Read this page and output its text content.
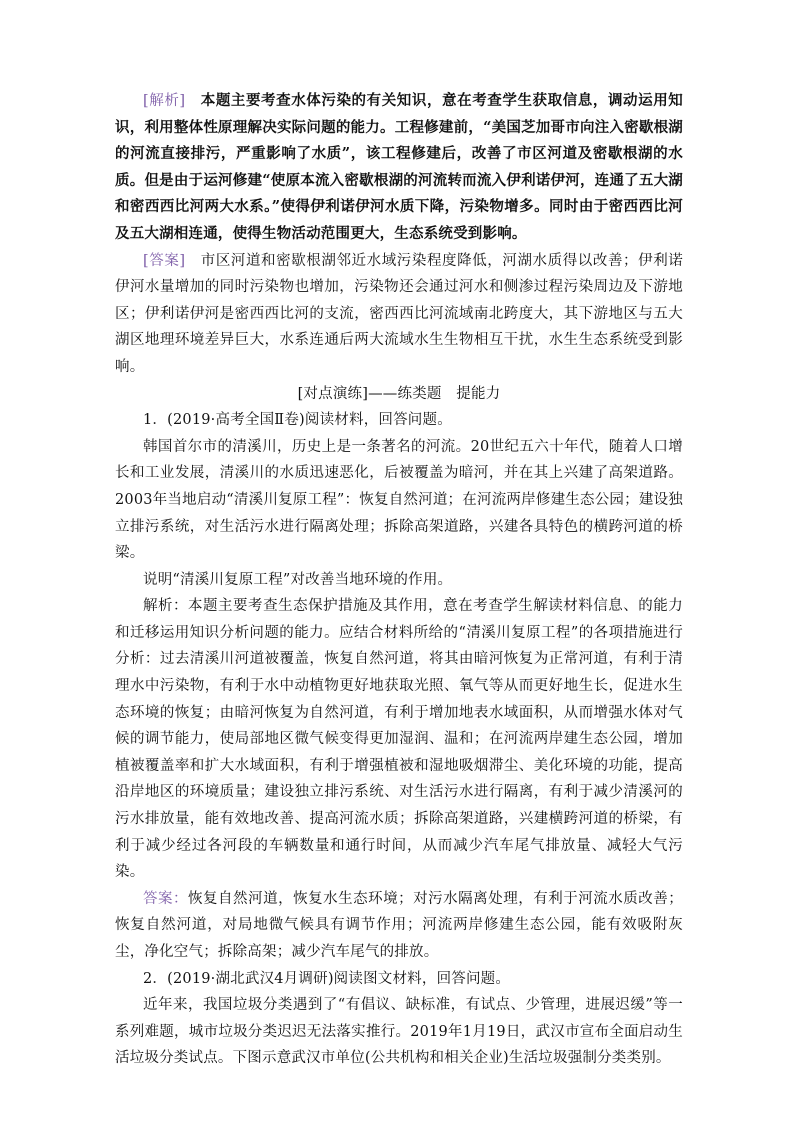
[解析]　本题主要考查水体污染的有关知识，意在考查学生获取信息，调动运用知识，利用整体性原理解决实际问题的能力。工程修建前，“美国芝加哥市向注入密歇根湖的河流直接排污，严重影响了水质”，该工程修建后，改善了市区河道及密歇根湖的水质。但是由于运河修建“使原本流入密歇根湖的河流转而流入伊利诺伊河，连通了五大湖和密西西比河两大水系。”使得伊利诺伊河水质下降，污染物增多。同时由于密西西比河及五大湖相连通，使得生物活动范围更大，生态系统受到影响。

[答案]　市区河道和密歇根湖邻近水域污染程度降低，河湖水质得以改善；伊利诺伊河水量增加的同时污染物也增加，污染物还会通过河水和侧渗过程污染周边及下游地区；伊利诺伊河是密西西比河的支流，密西西比河流域南北跨度大，其下游地区与五大湖区地理环境差异巨大，水系连通后两大流域水生生物相互干扰，水生生态系统受到影响。

[对点演练]——练类题　提能力

1．(2019·高考全国Ⅱ卷)阅读材料，回答问题。

韩国首尔市的清溪川，历史上是一条著名的河流。20世纪五六十年代，随着人口增长和工业发展，清溪川的水质迅速恶化，后被覆盖为暗河，并在其上兴建了高架道路。2003年当地启动“清溪川复原工程”：恢复自然河道；在河流两岸修建生态公园；建设独立排污系统，对生活污水进行隔离处理；拆除高架道路，兴建各具特色的横跨河道的桥梁。

说明“清溪川复原工程”对改善当地环境的作用。

解析：本题主要考查生态保护措施及其作用，意在考查学生解读材料信息、的能力和迁移运用知识分析问题的能力。应结合材料所给的“清溪川复原工程”的各项措施进行分析：过去清溪川河道被覆盖，恢复自然河道，将其由暗河恢复为正常河道，有利于清理水中污染物，有利于水中动植物更好地获取光照、氧气等从而更好地生长，促进水生态环境的恢复；由暗河恢复为自然河道，有利于增加地表水域面积，从而增强水体对气候的调节能力，使局部地区微气候变得更加湿润、温和；在河流两岸建生态公园，增加植被覆盖率和扩大水域面积，有利于增强植被和湿地吸烟滞尘、美化环境的功能，提高沿岸地区的环境质量；建设独立排污系统、对生活污水进行隔离，有利于减少清溪河的污水排放量，能有效地改善、提高河流水质；拆除高架道路，兴建横跨河道的桥梁，有利于减少经过各河段的车辆数量和通行时间，从而减少汽车尾气排放量、减轻大气污染。

答案：恢复自然河道，恢复水生态环境；对污水隔离处理，有利于河流水质改善；恢复自然河道，对局地微气候具有调节作用；河流两岸修建生态公园，能有效吸附灰尘，净化空气；拆除高架；减少汽车尾气的排放。

2．(2019·湖北武汉4月调研)阅读图文材料，回答问题。

近年来，我国垃圾分类遇到了“有倡议、缺标准，有试点、少管理，进展迟缓”等一系列难题，城市垃圾分类迟迟无法落实推行。2019年1月19日，武汉市宣布全面启动生活垃圾分类试点。下图示意武汉市单位(公共机构和相关企业)生活垃圾强制分类类别。
